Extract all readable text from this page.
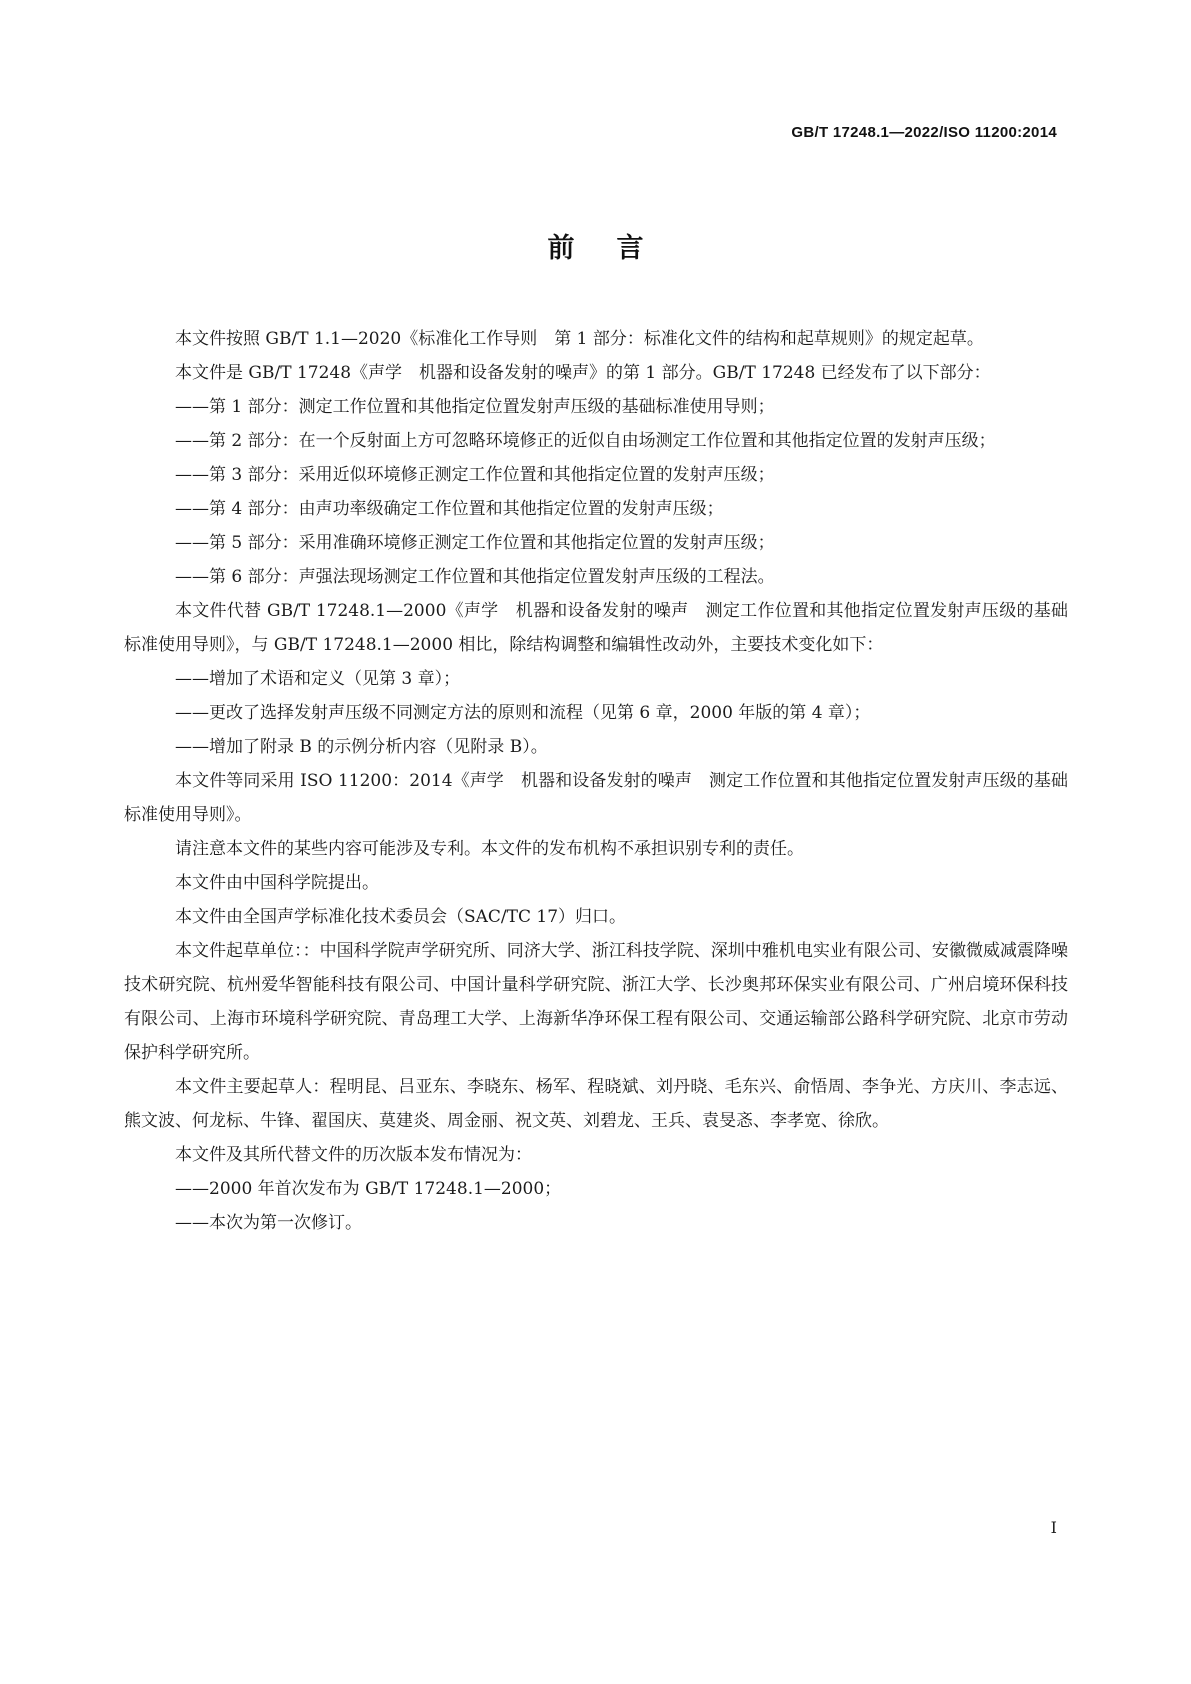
GB/T 17248.1—2022/ISO 11200:2014
前言

本文件按照 GB/T 1.1—2020《标准化工作导则　第 1 部分：标准化文件的结构和起草规则》的规定起草。

本文件是 GB/T 17248《声学　机器和设备发射的噪声》的第 1 部分。GB/T 17248 已经发布了以下部分：

——第 1 部分：测定工作位置和其他指定位置发射声压级的基础标准使用导则；

——第 2 部分：在一个反射面上方可忽略环境修正的近似自由场测定工作位置和其他指定位置的发射声压级；

——第 3 部分：采用近似环境修正测定工作位置和其他指定位置的发射声压级；

——第 4 部分：由声功率级确定工作位置和其他指定位置的发射声压级；

——第 5 部分：采用准确环境修正测定工作位置和其他指定位置的发射声压级；

——第 6 部分：声强法现场测定工作位置和其他指定位置发射声压级的工程法。

本文件代替 GB/T 17248.1—2000《声学　机器和设备发射的噪声　测定工作位置和其他指定位置发射声压级的基础标准使用导则》，与 GB/T 17248.1—2000 相比，除结构调整和编辑性改动外，主要技术变化如下：

——增加了术语和定义（见第 3 章）；

——更改了选择发射声压级不同测定方法的原则和流程（见第 6 章，2000 年版的第 4 章）；

——增加了附录 B 的示例分析内容（见附录 B）。

本文件等同采用 ISO 11200：2014《声学　机器和设备发射的噪声　测定工作位置和其他指定位置发射声压级的基础标准使用导则》。

请注意本文件的某些内容可能涉及专利。本文件的发布机构不承担识别专利的责任。

本文件由中国科学院提出。

本文件由全国声学标准化技术委员会（SAC/TC 17）归口。

本文件起草单位：：中国科学院声学研究所、同济大学、浙江科技学院、深圳中雅机电实业有限公司、安徽微威减震降噪技术研究院、杭州爱华智能科技有限公司、中国计量科学研究院、浙江大学、长沙奥邦环保实业有限公司、广州启境环保科技有限公司、上海市环境科学研究院、青岛理工大学、上海新华净环保工程有限公司、交通运输部公路科学研究院、北京市劳动保护科学研究所。

本文件主要起草人：程明昆、吕亚东、李晓东、杨军、程晓斌、刘丹晓、毛东兴、俞悟周、李争光、方庆川、李志远、熊文波、何龙标、牛锋、翟国庆、莫建炎、周金丽、祝文英、刘碧龙、王兵、袁旻忞、李孝宽、徐欣。

本文件及其所代替文件的历次版本发布情况为：

——2000 年首次发布为 GB/T 17248.1—2000；

——本次为第一次修订。

I
